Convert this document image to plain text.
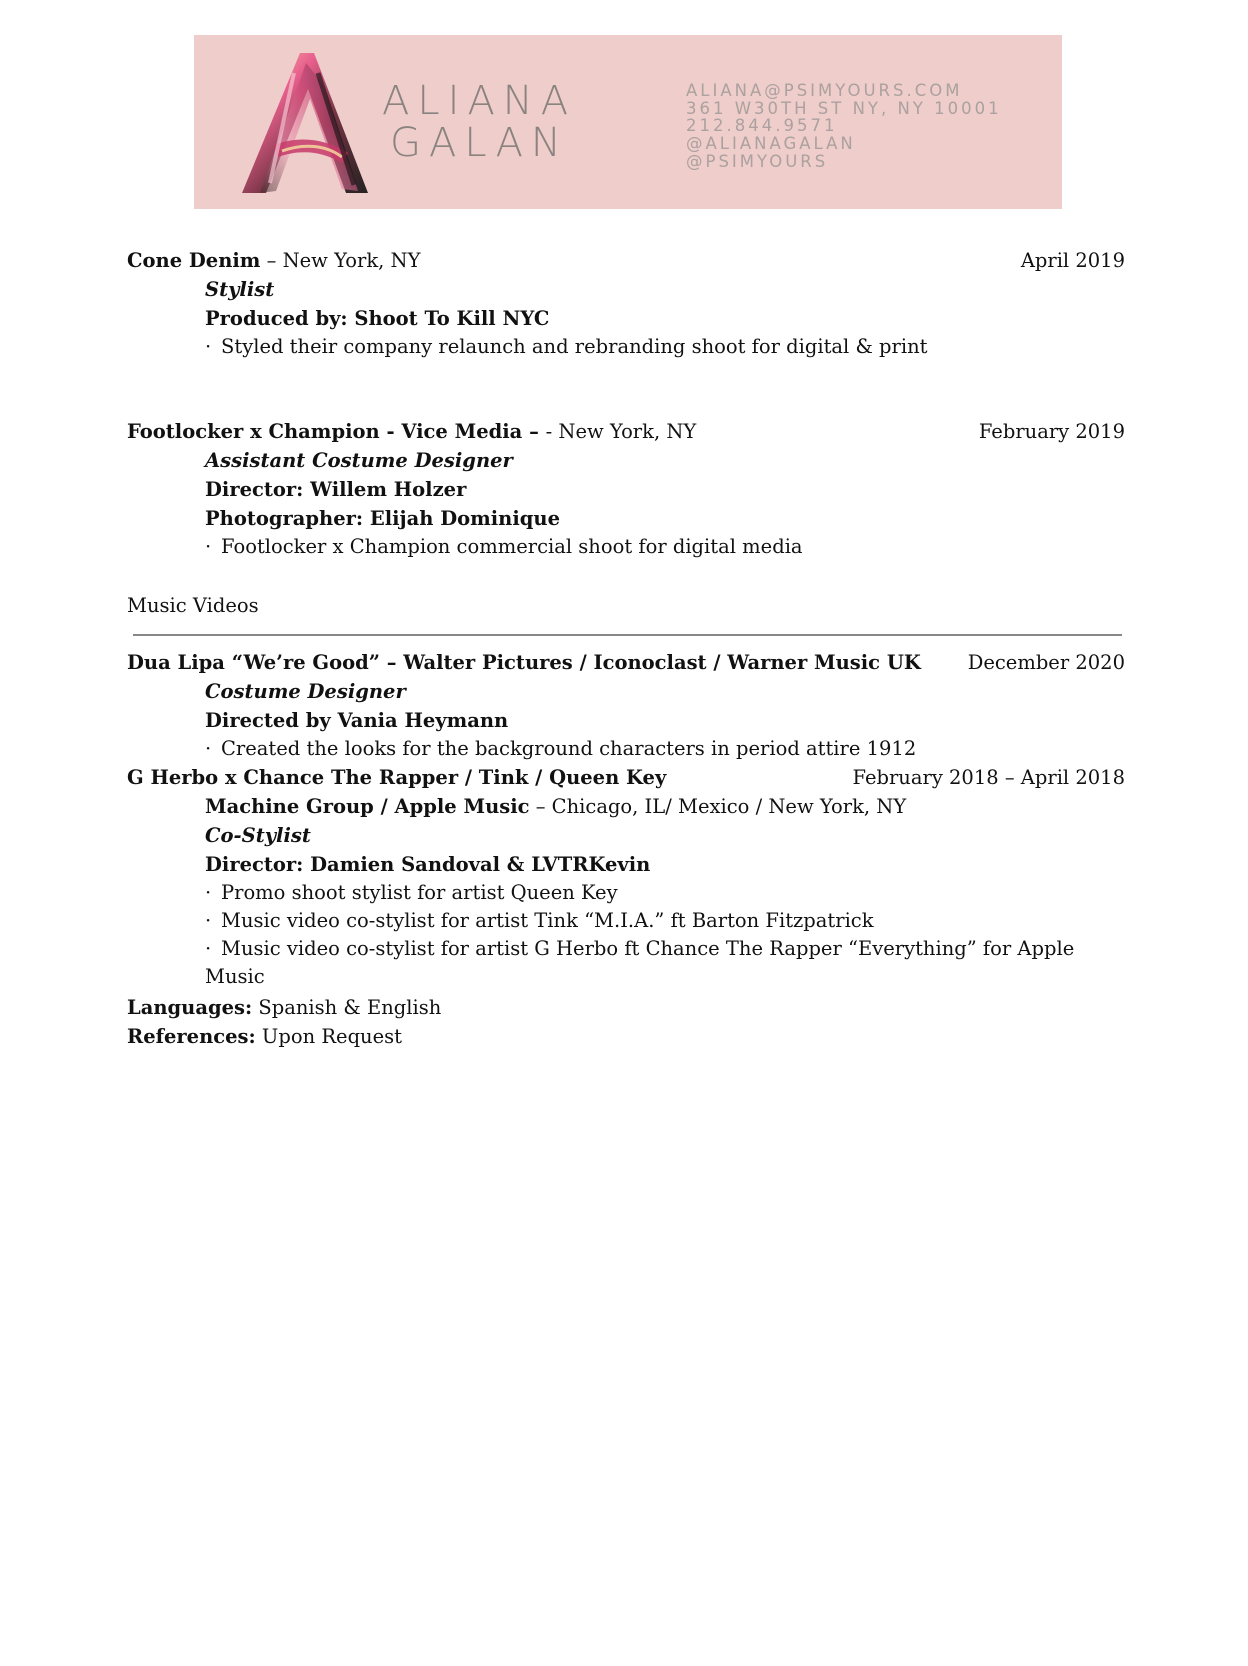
ALIANA
GALAN
ALIANA@PSIMYOURS.COM
361 W30TH ST NY, NY 10001
212.844.9571
@ALIANAGALAN
@PSIMYOURS
Cone Denim – New York, NY	April 2019
Stylist
Produced by: Shoot To Kill NYC
· Styled their company relaunch and rebranding shoot for digital & print
Footlocker x Champion - Vice Media – - New York, NY	February 2019
Assistant Costume Designer
Director: Willem Holzer
Photographer: Elijah Dominique
· Footlocker x Champion commercial shoot for digital media
Music Videos
Dua Lipa “We’re Good” – Walter Pictures / Iconoclast / Warner Music UK December 2020
Costume Designer
Directed by Vania Heymann
· Created the looks for the background characters in period attire 1912
G Herbo x Chance The Rapper / Tink / Queen Key	February 2018 – April 2018
Machine Group / Apple Music – Chicago, IL/ Mexico / New York, NY
Co-Stylist
Director: Damien Sandoval & LVTRKevin
· Promo shoot stylist for artist Queen Key
· Music video co-stylist for artist Tink “M.I.A.” ft Barton Fitzpatrick
· Music video co-stylist for artist G Herbo ft Chance The Rapper “Everything” for Apple Music
Languages: Spanish & English
References: Upon Request
